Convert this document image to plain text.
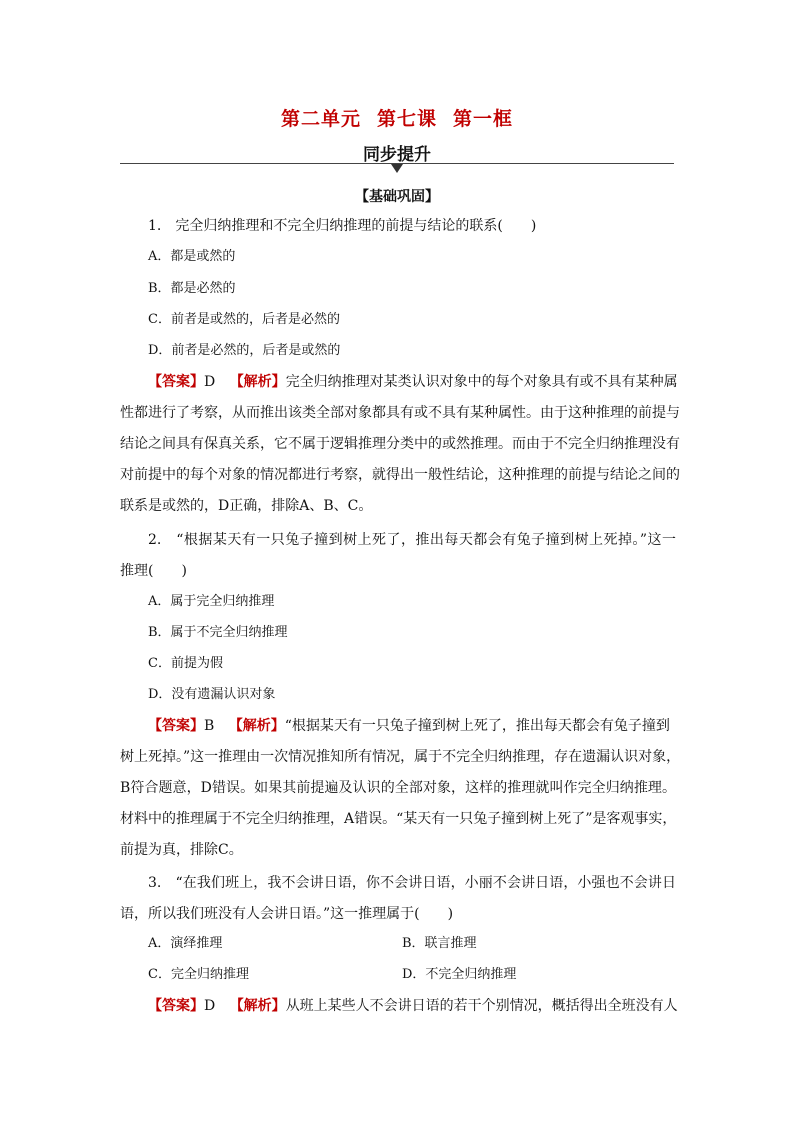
第二单元 第七课 第一框
同步提升
【基础巩固】
1.　完全归纳推理和不完全归纳推理的前提与结论的联系(　　)
A．都是或然的
B．都是必然的
C．前者是或然的，后者是必然的
D．前者是必然的，后者是或然的
【答案】D 【解析】完全归纳推理对某类认识对象中的每个对象具有或不具有某种属
性都进行了考察，从而推出该类全部对象都具有或不具有某种属性。由于这种推理的前提与
结论之间具有保真关系，它不属于逻辑推理分类中的或然推理。而由于不完全归纳推理没有
对前提中的每个对象的情况都进行考察，就得出一般性结论，这种推理的前提与结论之间的
联系是或然的，D正确，排除A、B、C。
2.　“根据某天有一只兔子撞到树上死了，推出每天都会有兔子撞到树上死掉。”这一
推理(　　)
A．属于完全归纳推理
B．属于不完全归纳推理
C．前提为假
D．没有遗漏认识对象
【答案】B 【解析】“根据某天有一只兔子撞到树上死了，推出每天都会有兔子撞到
树上死掉。”这一推理由一次情况推知所有情况，属于不完全归纳推理，存在遗漏认识对象，
B符合题意，D错误。如果其前提遍及认识的全部对象，这样的推理就叫作完全归纳推理。
材料中的推理属于不完全归纳推理，A错误。“某天有一只兔子撞到树上死了”是客观事实，
前提为真，排除C。
3.　“在我们班上，我不会讲日语，你不会讲日语，小丽不会讲日语，小强也不会讲日
语，所以我们班没有人会讲日语。”这一推理属于(　　)
A．演绎推理	B．联言推理
C．完全归纳推理	D．不完全归纳推理
【答案】D 【解析】从班上某些人不会讲日语的若干个别情况，概括得出全班没有人
